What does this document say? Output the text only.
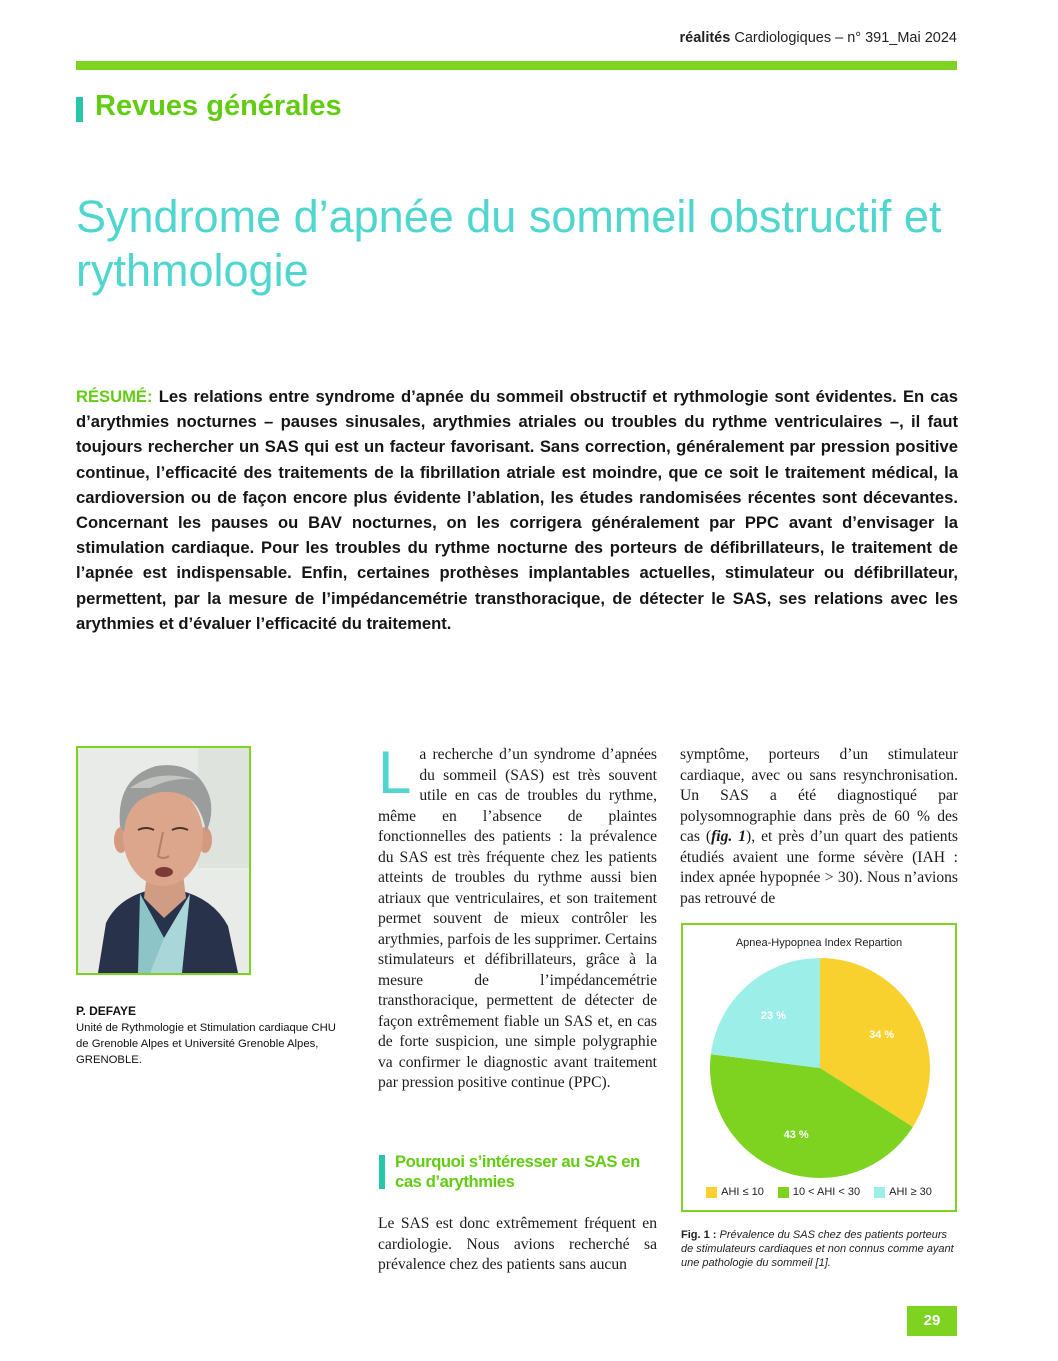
réalités Cardiologiques – n° 391_Mai 2024
Revues générales
Syndrome d’apnée du sommeil obstructif et rythmologie

RÉSUMÉ: Les relations entre syndrome d’apnée du sommeil obstructif et rythmologie sont évidentes. En cas d’arythmies nocturnes – pauses sinusales, arythmies atriales ou troubles du rythme ventriculaires –, il faut toujours rechercher un SAS qui est un facteur favorisant. Sans correction, généralement par pression positive continue, l’efficacité des traitements de la fibrillation atriale est moindre, que ce soit le traitement médical, la cardioversion ou de façon encore plus évidente l’ablation, les études randomisées récentes sont décevantes. Concernant les pauses ou BAV nocturnes, on les corrigera généralement par PPC avant d’envisager la stimulation cardiaque. Pour les troubles du rythme nocturne des porteurs de défibrillateurs, le traitement de l’apnée est indispensable. Enfin, certaines prothèses implantables actuelles, stimulateur ou défibrillateur, permettent, par la mesure de l’impédancemétrie transthoracique, de détecter le SAS, ses relations avec les arythmies et d’évaluer l’efficacité du traitement.

P. DEFAYE
Unité de Rythmologie et Stimulation cardiaque CHU de Grenoble Alpes et Université Grenoble Alpes, GRENOBLE.
L a recherche d’un syndrome d’apnées du sommeil (SAS) est très souvent utile en cas de troubles du rythme, même en l’absence de plaintes fonctionnelles des patients : la prévalence du SAS est très fréquente chez les patients atteints de troubles du rythme aussi bien atriaux que ventriculaires, et son traitement permet souvent de mieux contrôler les arythmies, parfois de les supprimer. Certains stimulateurs et défibrillateurs, grâce à la mesure de l’impédancemétrie transthoracique, permettent de détecter de façon extrêmement fiable un SAS et, en cas de forte suspicion, une simple polygraphie va confirmer le diagnostic avant traitement par pression positive continue (PPC).
Pourquoi s’intéresser au SAS en cas d’arythmies
Le SAS est donc extrêmement fréquent en cardiologie. Nous avions recherché sa prévalence chez des patients sans aucun
symptôme, porteurs d’un stimulateur cardiaque, avec ou sans resynchronisation. Un SAS a été diagnostiqué par polysomnographie dans près de 60 % des cas (fig. 1), et près d’un quart des patients étudiés avaient une forme sévère (IAH : index apnée hypopnée > 30). Nous n’avions pas retrouvé de
Apnea-Hypopnea Index Repartion
34 %
43 %
23 %
AHI ≤ 10	10 < AHI < 30	AHI ≥ 30
Fig. 1 : Prévalence du SAS chez des patients porteurs de stimulateurs cardiaques et non connus comme ayant une pathologie du sommeil [1].
29
